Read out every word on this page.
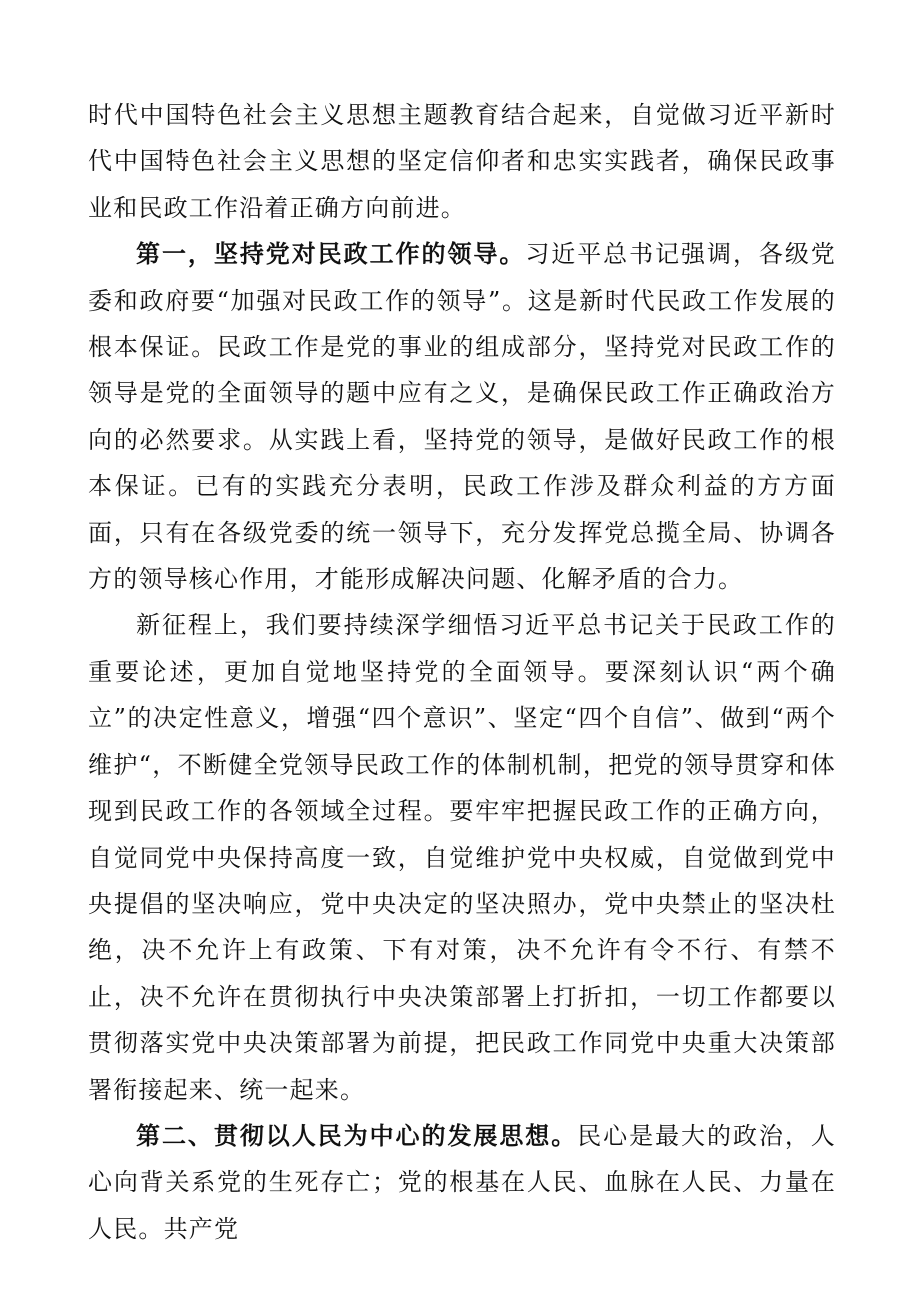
时代中国特色社会主义思想主题教育结合起来，自觉做习近平新时代中国特色社会主义思想的坚定信仰者和忠实实践者，确保民政事业和民政工作沿着正确方向前进。

第一，坚持党对民政工作的领导。习近平总书记强调，各级党委和政府要“加强对民政工作的领导”。这是新时代民政工作发展的根本保证。民政工作是党的事业的组成部分，坚持党对民政工作的领导是党的全面领导的题中应有之义，是确保民政工作正确政治方向的必然要求。从实践上看，坚持党的领导，是做好民政工作的根本保证。已有的实践充分表明，民政工作涉及群众利益的方方面面，只有在各级党委的统一领导下，充分发挥党总揽全局、协调各方的领导核心作用，才能形成解决问题、化解矛盾的合力。

新征程上，我们要持续深学细悟习近平总书记关于民政工作的重要论述，更加自觉地坚持党的全面领导。要深刻认识“两个确立”的决定性意义，增强“四个意识”、坚定“四个自信”、做到“两个维护“，不断健全党领导民政工作的体制机制，把党的领导贯穿和体现到民政工作的各领域全过程。要牢牢把握民政工作的正确方向，自觉同党中央保持高度一致，自觉维护党中央权威，自觉做到党中央提倡的坚决响应，党中央决定的坚决照办，党中央禁止的坚决杜绝，决不允许上有政策、下有对策，决不允许有令不行、有禁不止，决不允许在贯彻执行中央决策部署上打折扣，一切工作都要以贯彻落实党中央决策部署为前提，把民政工作同党中央重大决策部署衔接起来、统一起来。

第二、贯彻以人民为中心的发展思想。民心是最大的政治，人心向背关系党的生死存亡；党的根基在人民、血脉在人民、力量在人民。共产党
